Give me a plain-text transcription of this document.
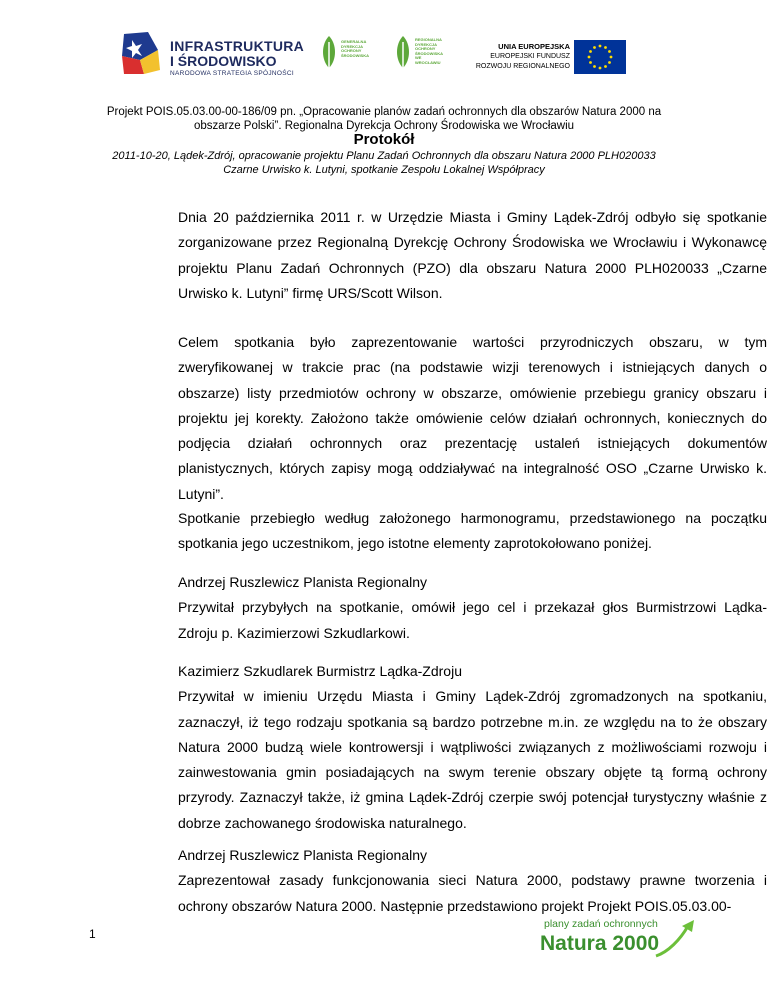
INFRASTRUKTURA
I ŚRODOWISKO
NARODOWA STRATEGIA SPÓJNOŚCI
GENERALNA DYREKCJA OCHRONY ŚRODOWISKA
REGIONALNA DYREKCJA OCHRONY ŚRODOWISKA WE WROCŁAWIU
UNIA EUROPEJSKA
EUROPEJSKI FUNDUSZ
ROZWOJU REGIONALNEGO
Projekt POIS.05.03.00-00-186/09 pn. „Opracowanie planów zadań ochronnych dla obszarów Natura 2000 na
obszarze Polski”. Regionalna Dyrekcja Ochrony Środowiska we Wrocławiu
Protokół
2011-10-20, Lądek-Zdrój, opracowanie projektu Planu Zadań Ochronnych dla obszaru Natura 2000 PLH020033
Czarne Urwisko k. Lutyni, spotkanie Zespołu Lokalnej Współpracy
Dnia 20 października 2011 r. w Urzędzie Miasta i Gminy Lądek-Zdrój odbyło się spotkanie
zorganizowane przez Regionalną Dyrekcję Ochrony Środowiska we Wrocławiu i Wykonawcę
projektu Planu Zadań Ochronnych (PZO) dla obszaru Natura 2000 PLH020033 „Czarne
Urwisko k. Lutyni” firmę URS/Scott Wilson.
Celem spotkania było zaprezentowanie wartości przyrodniczych obszaru, w tym
zweryfikowanej w trakcie prac (na podstawie wizji terenowych i istniejących danych o
obszarze) listy przedmiotów ochrony w obszarze, omówienie przebiegu granicy obszaru i
projektu jej korekty. Założono także omówienie celów działań ochronnych, koniecznych do
podjęcia działań ochronnych oraz prezentację ustaleń istniejących dokumentów
planistycznych, których zapisy mogą oddziaływać na integralność OSO „Czarne Urwisko k.
Lutyni”.
Spotkanie przebiegło według założonego harmonogramu, przedstawionego na początku
spotkania jego uczestnikom, jego istotne elementy zaprotokołowano poniżej.
Andrzej Ruszlewicz Planista Regionalny
Przywitał przybyłych na spotkanie, omówił jego cel i przekazał głos Burmistrzowi Lądka-
Zdroju p. Kazimierzowi Szkudlarkowi.
Kazimierz Szkudlarek Burmistrz Lądka-Zdroju
Przywitał w imieniu Urzędu Miasta i Gminy Lądek-Zdrój zgromadzonych na spotkaniu,
zaznaczył, iż tego rodzaju spotkania są bardzo potrzebne m.in. ze względu na to że obszary
Natura 2000 budzą wiele kontrowersji i wątpliwości związanych z możliwościami rozwoju i
zainwestowania gmin posiadających na swym terenie obszary objęte tą formą ochrony
przyrody. Zaznaczył także, iż gmina Lądek-Zdrój czerpie swój potencjał turystyczny właśnie z
dobrze zachowanego środowiska naturalnego.
Andrzej Ruszlewicz Planista Regionalny
Zaprezentował zasady funkcjonowania sieci Natura 2000, podstawy prawne tworzenia i
ochrony obszarów Natura 2000. Następnie przedstawiono projekt Projekt POIS.05.03.00-
1
plany zadań ochronnych
Natura 2000
